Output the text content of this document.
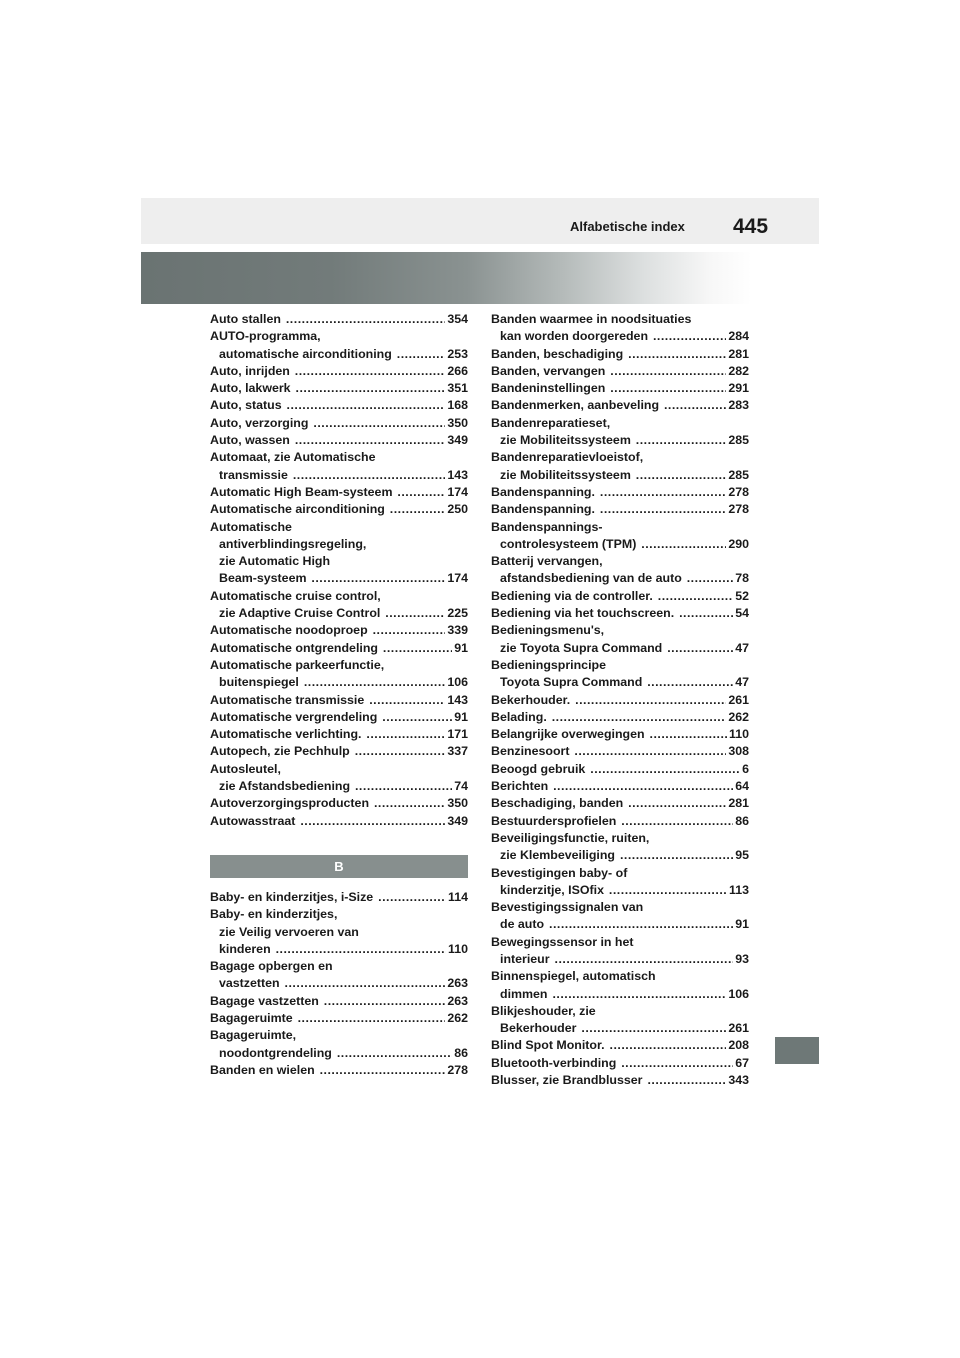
Alfabetische index 445
Auto stallen .....	354
AUTO-programma,
automatische airconditioning .....	253
Auto, inrijden .....	266
Auto, lakwerk .....	351
Auto, status .....	168
Auto, verzorging .....	350
Auto, wassen .....	349
Automaat, zie Automatische
transmissie .....	143
Automatic High Beam-systeem .....	174
Automatische airconditioning .....	250
Automatische
antiverblindingsregeling,
zie Automatic High
Beam-systeem .....	174
Automatische cruise control,
zie Adaptive Cruise Control .....	225
Automatische noodoproep .....	339
Automatische ontgrendeling .....	91
Automatische parkeerfunctie,
buitenspiegel .....	106
Automatische transmissie .....	143
Automatische vergrendeling .....	91
Automatische verlichting. .....	171
Autopech, zie Pechhulp .....	337
Autosleutel,
zie Afstandsbediening .....	74
Autoverzorgingsproducten .....	350
Autowasstraat .....	349
B
Baby- en kinderzitjes, i-Size .....	114
Baby- en kinderzitjes,
zie Veilig vervoeren van
kinderen .....	110
Bagage opbergen en
vastzetten .....	263
Bagage vastzetten .....	263
Bagageruimte .....	262
Bagageruimte,
noodontgrendeling .....	86
Banden en wielen .....	278
Banden waarmee in noodsituaties
kan worden doorgereden .....	284
Banden, beschadiging .....	281
Banden, vervangen .....	282
Bandeninstellingen .....	291
Bandenmerken, aanbeveling .....	283
Bandenreparatieset,
zie Mobiliteitssysteem .....	285
Bandenreparatievloeistof,
zie Mobiliteitssysteem .....	285
Bandenspanning. .....	278
Bandenspanning. .....	278
Bandenspannings-
controlesysteem (TPM) .....	290
Batterij vervangen,
afstandsbediening van de auto .....	78
Bediening via de controller. .....	52
Bediening via het touchscreen. .....	54
Bedieningsmenu's,
zie Toyota Supra Command .....	47
Bedieningsprincipe
Toyota Supra Command .....	47
Bekerhouder. .....	261
Belading. .....	262
Belangrijke overwegingen .....	110
Benzinesoort .....	308
Beoogd gebruik .....	6
Berichten .....	64
Beschadiging, banden .....	281
Bestuurdersprofielen .....	86
Beveiligingsfunctie, ruiten,
zie Klembeveiliging .....	95
Bevestigingen baby- of
kinderzitje, ISOfix .....	113
Bevestigingssignalen van
de auto .....	91
Bewegingssensor in het
interieur .....	93
Binnenspiegel, automatisch
dimmen .....	106
Blikjeshouder, zie
Bekerhouder .....	261
Blind Spot Monitor. .....	208
Bluetooth-verbinding .....	67
Blusser, zie Brandblusser .....	343
